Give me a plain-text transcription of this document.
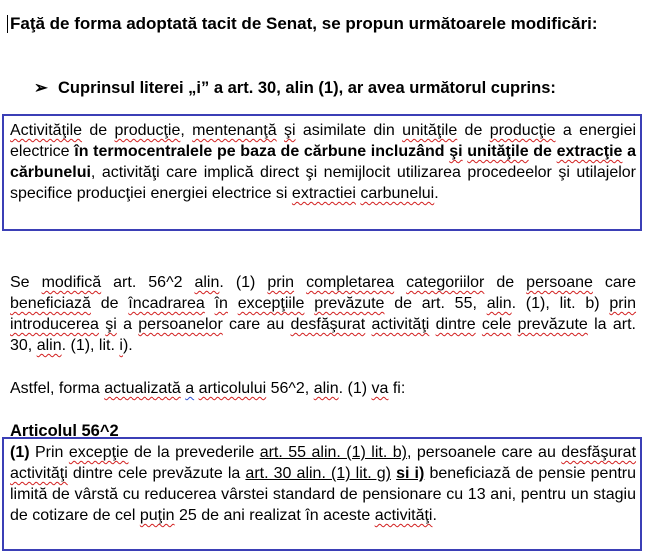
Faţă de forma adoptată tacit de Senat, se propun următoarele modificări:
➢ Cuprinsul literei „i” a art. 30, alin (1), ar avea următorul cuprins:
Activităţile de producţie, mentenanţă şi asimilate din unităţile de producţie a energiei electrice în termocentralele pe baza de cărbune incluzând şi unităţile de extracţie a cărbunelui, activităţi care implică direct şi nemijlocit utilizarea procedeelor şi utilajelor specifice producţiei energiei electrice si extractiei carbunelui.
Se modifică art. 56^2 alin. (1) prin completarea categoriilor de persoane care beneficiază de încadrarea în excepţiile prevăzute de art. 55, alin. (1), lit. b) prin introducerea şi a persoanelor care au desfăşurat activităţi dintre cele prevăzute la art. 30, alin. (1), lit. i).
Astfel, forma actualizată a articolului 56^2, alin. (1) va fi:
Articolul 56^2
(1) Prin excepţie de la prevederile art. 55 alin. (1) lit. b), persoanele care au desfăşurat activităţi dintre cele prevăzute la art. 30 alin. (1) lit. g) si i) beneficiază de pensie pentru limită de vârstă cu reducerea vârstei standard de pensionare cu 13 ani, pentru un stagiu de cotizare de cel puţin 25 de ani realizat în aceste activităţi.
